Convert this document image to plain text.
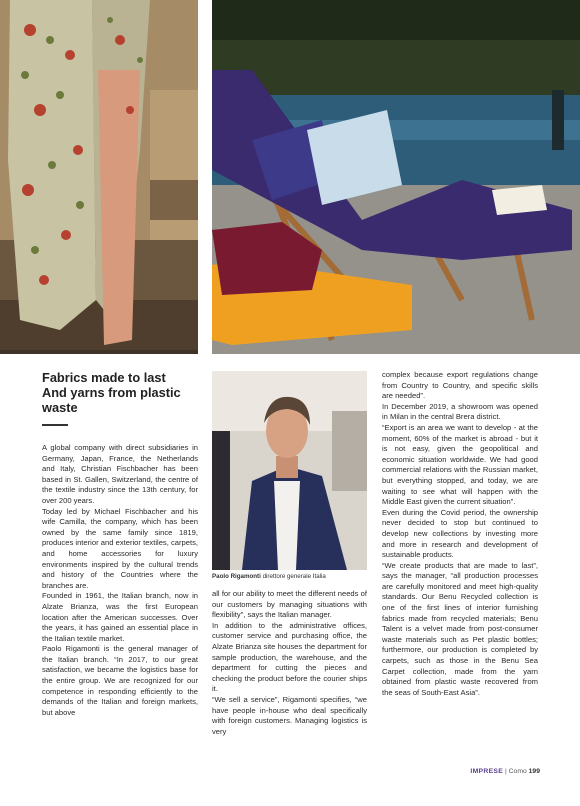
Fabrics made to last
And yarns from plastic
waste

A global company with direct subsidiaries in Germany, Japan, France, the Netherlands and Italy, Christian Fischbacher has been based in St. Gallen, Switzerland, the centre of the textile industry since the 13th century, for over 200 years.

Today led by Michael Fischbacher and his wife Camilla, the company, which has been owned by the same family since 1819, produces interior and exterior textiles, carpets, and home accessories for luxury environments inspired by the cultural trends and history of the Countries where the branches are.

Founded in 1961, the Italian branch, now in Alzate Brianza, was the first European location after the American successes. Over the years, it has gained an essential place in the Italian textile market.

Paolo Rigamonti is the general manager of the Italian branch. “In 2017, to our great satisfaction, we became the logistics base for the entire group. We are recognized for our competence in responding efficiently to the demands of the Italian and foreign markets, but above

Paolo Rigamonti direttore generale Italia

all for our ability to meet the different needs of our customers by managing situations with flexibility”, says the Italian manager.

In addition to the administrative offices, customer service and purchasing office, the Alzate Brianza site houses the department for sample production, the warehouse, and the department for cutting the pieces and checking the product before the courier ships it.

“We sell a service”, Rigamonti specifies, “we have people in-house who deal specifically with foreign customers. Managing logistics is very

complex because export regulations change from Country to Country, and specific skills are needed”.

In December 2019, a showroom was opened in Milan in the central Brera district.

“Export is an area we want to develop - at the moment, 60% of the market is abroad - but it is not easy, given the geopolitical and economic situation worldwide. We had good commercial relations with the Russian market, but everything stopped, and today, we are waiting to see what will happen with the Middle East given the current situation”.

Even during the Covid period, the ownership never decided to stop but continued to develop new collections by investing more and more in research and development of sustainable products.

“We create products that are made to last”, says the manager, “all production processes are carefully monitored and meet high-quality standards. Our Benu Recycled collection is one of the first lines of interior furnishing fabrics made from recycled materials; Benu Talent is a velvet made from post-consumer waste materials such as Pet plastic bottles; furthermore, our production is completed by carpets, such as those in the Benu Sea Carpet collection, made from the yarn obtained from plastic waste recovered from the seas of South-East Asia”.

IMPRESE | Como 199
